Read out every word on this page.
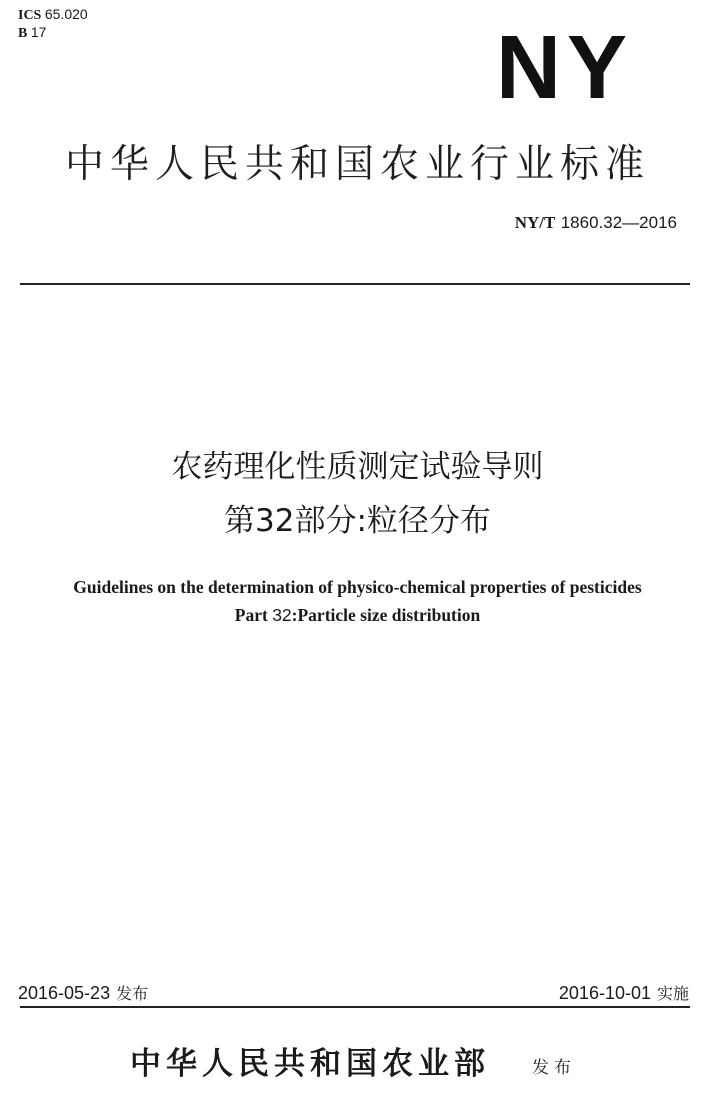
ICS 65.020
B 17	NY
中华人民共和国农业行业标准
NY/T 1860.32—2016
农药理化性质测定试验导则
第32部分:粒径分布
Guidelines on the determination of physico-chemical properties of pesticides
Part 32:Particle size distribution
2016-05-23 发布	2016-10-01 实施
中华人民共和国农业部 发布
